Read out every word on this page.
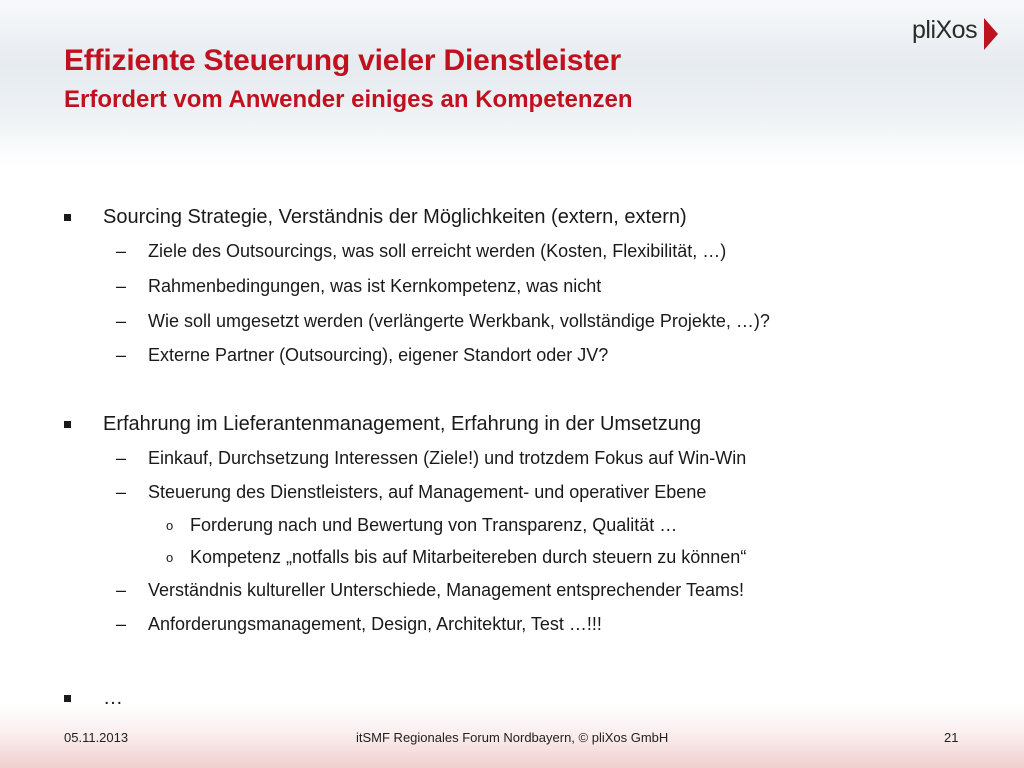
Effiziente Steuerung vieler Dienstleister
Erfordert vom Anwender einiges an Kompetenzen
pliXos
Sourcing Strategie, Verständnis der Möglichkeiten (extern, extern)
– Ziele des Outsourcings, was soll erreicht werden (Kosten, Flexibilität, …)
– Rahmenbedingungen, was ist Kernkompetenz, was nicht
– Wie soll umgesetzt werden (verlängerte Werkbank, vollständige Projekte, …)?
– Externe Partner (Outsourcing), eigener Standort oder JV?
Erfahrung im Lieferantenmanagement, Erfahrung in der Umsetzung
– Einkauf, Durchsetzung Interessen (Ziele!) und trotzdem Fokus auf Win-Win
– Steuerung des Dienstleisters, auf Management- und operativer Ebene
o Forderung nach und Bewertung von Transparenz, Qualität …
o Kompetenz „notfalls bis auf Mitarbeitereben durch steuern zu können“
– Verständnis kultureller Unterschiede, Management entsprechender Teams!
– Anforderungsmanagement, Design, Architektur, Test …!!!
…
05.11.2013	itSMF Regionales Forum Nordbayern, © pliXos GmbH	21
